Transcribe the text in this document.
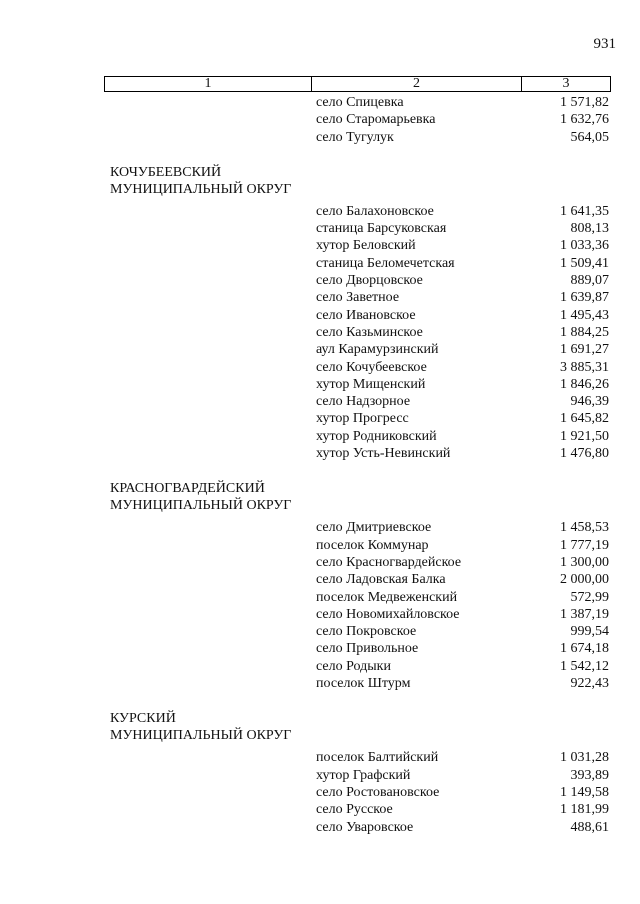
931
1	2	3
село Спицевка	1 571,82
село Старомарьевка	1 632,76
село Тугулук	564,05
КОЧУБЕЕВСКИЙ
МУНИЦИПАЛЬНЫЙ ОКРУГ
село Балахоновское	1 641,35
станица Барсуковская	808,13
хутор Беловский	1 033,36
станица Беломечетская	1 509,41
село Дворцовское	889,07
село Заветное	1 639,87
село Ивановское	1 495,43
село Казьминское	1 884,25
аул Карамурзинский	1 691,27
село Кочубеевское	3 885,31
хутор Мищенский	1 846,26
село Надзорное	946,39
хутор Прогресс	1 645,82
хутор Родниковский	1 921,50
хутор Усть-Невинский	1 476,80
КРАСНОГВАРДЕЙСКИЙ
МУНИЦИПАЛЬНЫЙ ОКРУГ
село Дмитриевское	1 458,53
поселок Коммунар	1 777,19
село Красногвардейское	1 300,00
село Ладовская Балка	2 000,00
поселок Медвеженский	572,99
село Новомихайловское	1 387,19
село Покровское	999,54
село Привольное	1 674,18
село Родыки	1 542,12
поселок Штурм	922,43
КУРСКИЙ
МУНИЦИПАЛЬНЫЙ ОКРУГ
поселок Балтийский	1 031,28
хутор Графский	393,89
село Ростовановское	1 149,58
село Русское	1 181,99
село Уваровское	488,61
